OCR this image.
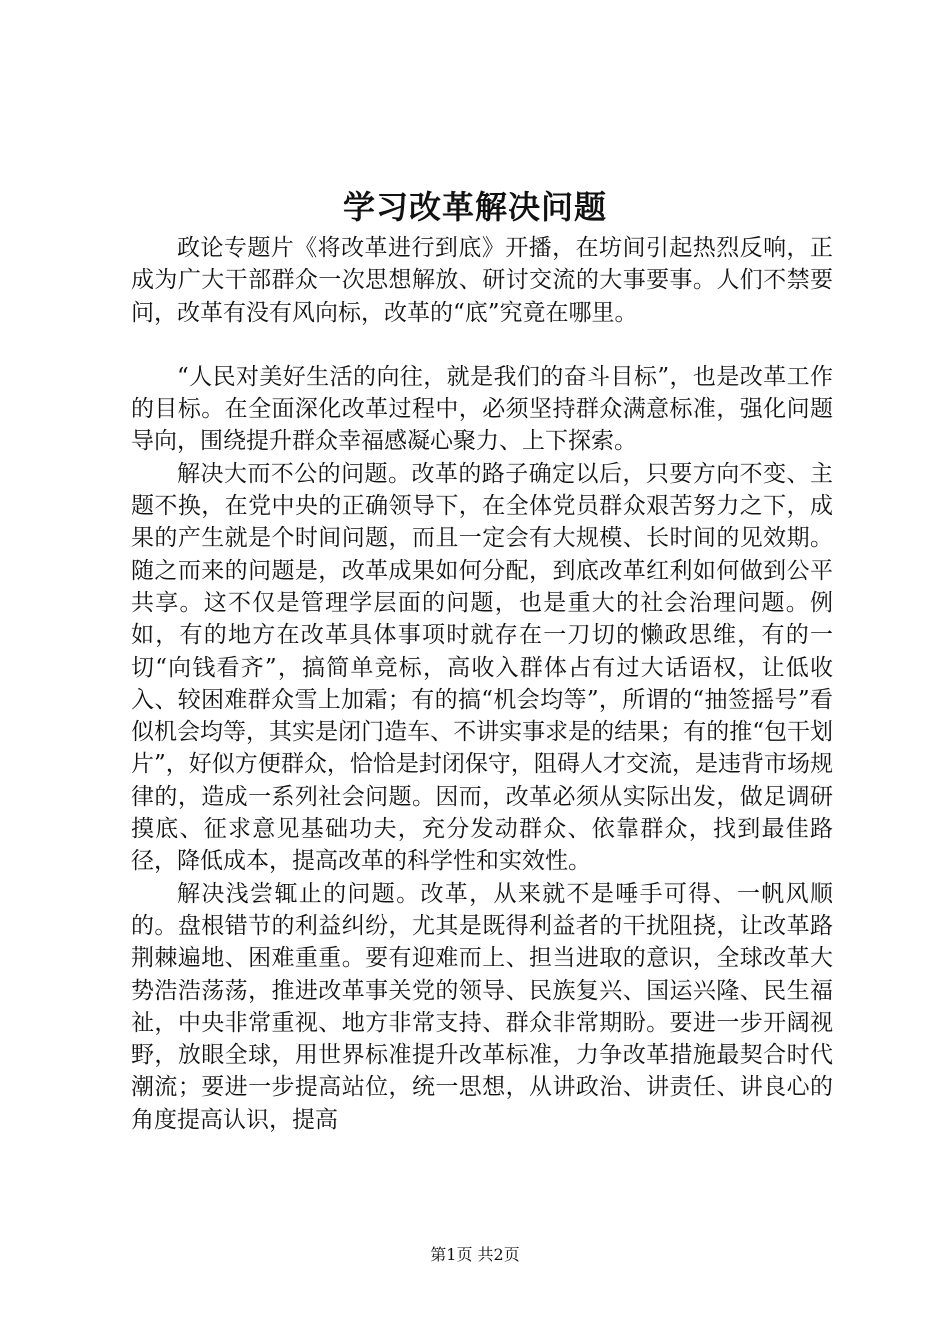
学习改革解决问题

政论专题片《将改革进行到底》开播，在坊间引起热烈反响，正成为广大干部群众一次思想解放、研讨交流的大事要事。人们不禁要问，改革有没有风向标，改革的“底”究竟在哪里。

“人民对美好生活的向往，就是我们的奋斗目标”，也是改革工作的目标。在全面深化改革过程中，必须坚持群众满意标准，强化问题导向，围绕提升群众幸福感凝心聚力、上下探索。

解决大而不公的问题。改革的路子确定以后，只要方向不变、主题不换，在党中央的正确领导下，在全体党员群众艰苦努力之下，成果的产生就是个时间问题，而且一定会有大规模、长时间的见效期。随之而来的问题是，改革成果如何分配，到底改革红利如何做到公平共享。这不仅是管理学层面的问题，也是重大的社会治理问题。例如，有的地方在改革具体事项时就存在一刀切的懒政思维，有的一切“向钱看齐”，搞简单竞标，高收入群体占有过大话语权，让低收入、较困难群众雪上加霜；有的搞“机会均等”，所谓的“抽签摇号”看似机会均等，其实是闭门造车、不讲实事求是的结果；有的推“包干划片”，好似方便群众，恰恰是封闭保守，阻碍人才交流，是违背市场规律的，造成一系列社会问题。因而，改革必须从实际出发，做足调研摸底、征求意见基础功夫，充分发动群众、依靠群众，找到最佳路径，降低成本，提高改革的科学性和实效性。

解决浅尝辄止的问题。改革，从来就不是唾手可得、一帆风顺的。盘根错节的利益纠纷，尤其是既得利益者的干扰阻挠，让改革路荆棘遍地、困难重重。要有迎难而上、担当进取的意识，全球改革大势浩浩荡荡，推进改革事关党的领导、民族复兴、国运兴隆、民生福祉，中央非常重视、地方非常支持、群众非常期盼。要进一步开阔视野，放眼全球，用世界标准提升改革标准，力争改革措施最契合时代潮流；要进一步提高站位，统一思想，从讲政治、讲责任、讲良心的角度提高认识，提高

第1页 共2页
